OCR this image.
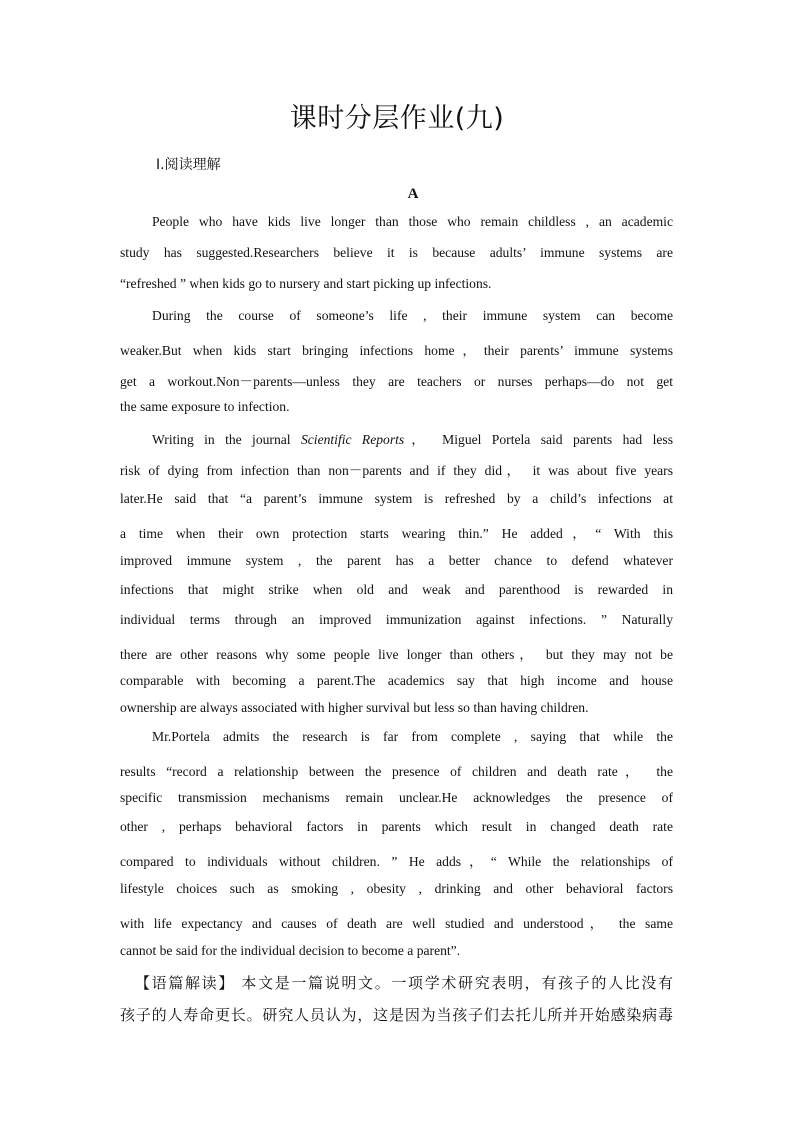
课时分层作业(九)
Ⅰ.阅读理解
A
People who have kids live longer than those who remain childless , an academic
study has suggested.Researchers believe it is because adults’ immune systems are
“refreshed ” when kids go to nursery and start picking up infections.
During the course of someone’s life , their immune system can become
weaker.But when kids start bringing infections home，their parents’ immune systems
get a workout.Non－parents—unless they are teachers or nurses perhaps—do not get
the same exposure to infection.
Writing in the journal Scientific Reports， Miguel Portela said parents had less
risk of dying from infection than non－parents and if they did， it was about five years
later.He said that “a parent’s immune system is refreshed by a child’s infections at
a time when their own protection starts wearing thin.” He added，“ With this
improved immune system , the parent has a better chance to defend whatever
infections that might strike when old and weak and parenthood is rewarded in
individual terms through an improved immunization against infections. ” Naturally
there are other reasons why some people live longer than others， but they may not be
comparable with becoming a parent.The academics say that high income and house
ownership are always associated with higher survival but less so than having children.
Mr.Portela admits the research is far from complete , saying that while the
results “record a relationship between the presence of children and death rate， the
specific transmission mechanisms remain unclear.He acknowledges the presence of
other , perhaps behavioral factors in parents which result in changed death rate
compared to individuals without children. ” He adds，“ While the relationships of
lifestyle choices such as smoking , obesity , drinking and other behavioral factors
with life expectancy and causes of death are well studied and understood， the same
cannot be said for the individual decision to become a parent”.
【语篇解读】 本文是一篇说明文。一项学术研究表明，有孩子的人比没有
孩子的人寿命更长。研究人员认为，这是因为当孩子们去托儿所并开始感染病毒
